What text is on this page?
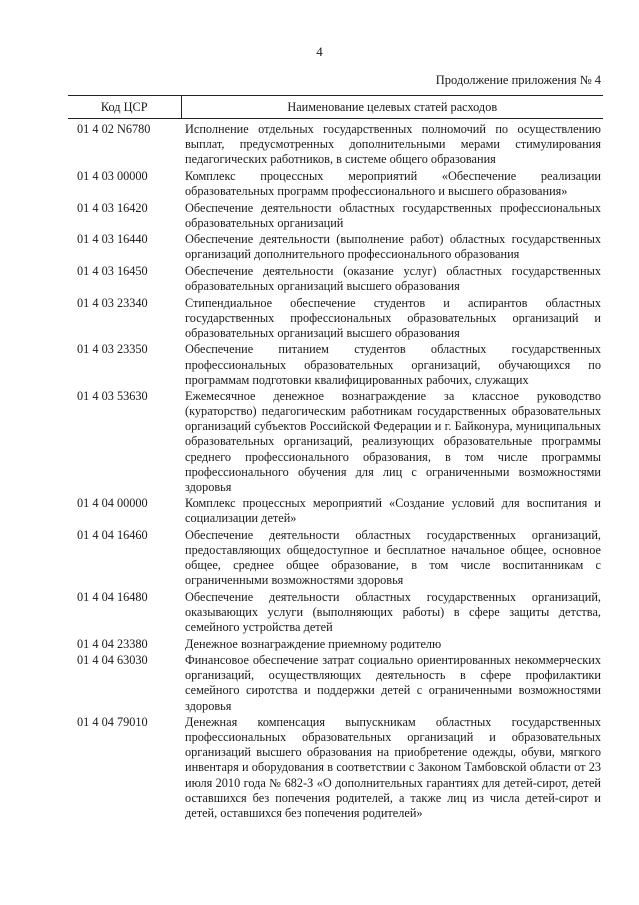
4
Продолжение приложения № 4
Код ЦСР	Наименование целевых статей расходов
01 4 02 N6780	Исполнение отдельных государственных полномочий по осуществлению выплат, предусмотренных дополнительными мерами стимулирования педагогических работников, в системе общего образования
01 4 03 00000	Комплекс процессных мероприятий «Обеспечение реализации образовательных программ профессионального и высшего образования»
01 4 03 16420	Обеспечение деятельности областных государственных профессиональных образовательных организаций
01 4 03 16440	Обеспечение деятельности (выполнение работ) областных государственных организаций дополнительного профессионального образования
01 4 03 16450	Обеспечение деятельности (оказание услуг) областных государственных образовательных организаций высшего образования
01 4 03 23340	Стипендиальное обеспечение студентов и аспирантов областных государственных профессиональных образовательных организаций и образовательных организаций высшего образования
01 4 03 23350	Обеспечение питанием студентов областных государственных профессиональных образовательных организаций, обучающихся по программам подготовки квалифицированных рабочих, служащих
01 4 03 53630	Ежемесячное денежное вознаграждение за классное руководство (кураторство) педагогическим работникам государственных образовательных организаций субъектов Российской Федерации и г. Байконура, муниципальных образовательных организаций, реализующих образовательные программы среднего профессионального образования, в том числе программы профессионального обучения для лиц с ограниченными возможностями здоровья
01 4 04 00000	Комплекс процессных мероприятий «Создание условий для воспитания и социализации детей»
01 4 04 16460	Обеспечение деятельности областных государственных организаций, предоставляющих общедоступное и бесплатное начальное общее, основное общее, среднее общее образование, в том числе воспитанникам с ограниченными возможностями здоровья
01 4 04 16480	Обеспечение деятельности областных государственных организаций, оказывающих услуги (выполняющих работы) в сфере защиты детства, семейного устройства детей
01 4 04 23380	Денежное вознаграждение приемному родителю
01 4 04 63030	Финансовое обеспечение затрат социально ориентированных некоммерческих организаций, осуществляющих деятельность в сфере профилактики семейного сиротства и поддержки детей с ограниченными возможностями здоровья
01 4 04 79010	Денежная компенсация выпускникам областных государственных профессиональных образовательных организаций и образовательных организаций высшего образования на приобретение одежды, обуви, мягкого инвентаря и оборудования в соответствии с Законом Тамбовской области от 23 июля 2010 года № 682-З «О дополнительных гарантиях для детей-сирот, детей оставшихся без попечения родителей, а также лиц из числа детей-сирот и детей, оставшихся без попечения родителей»
